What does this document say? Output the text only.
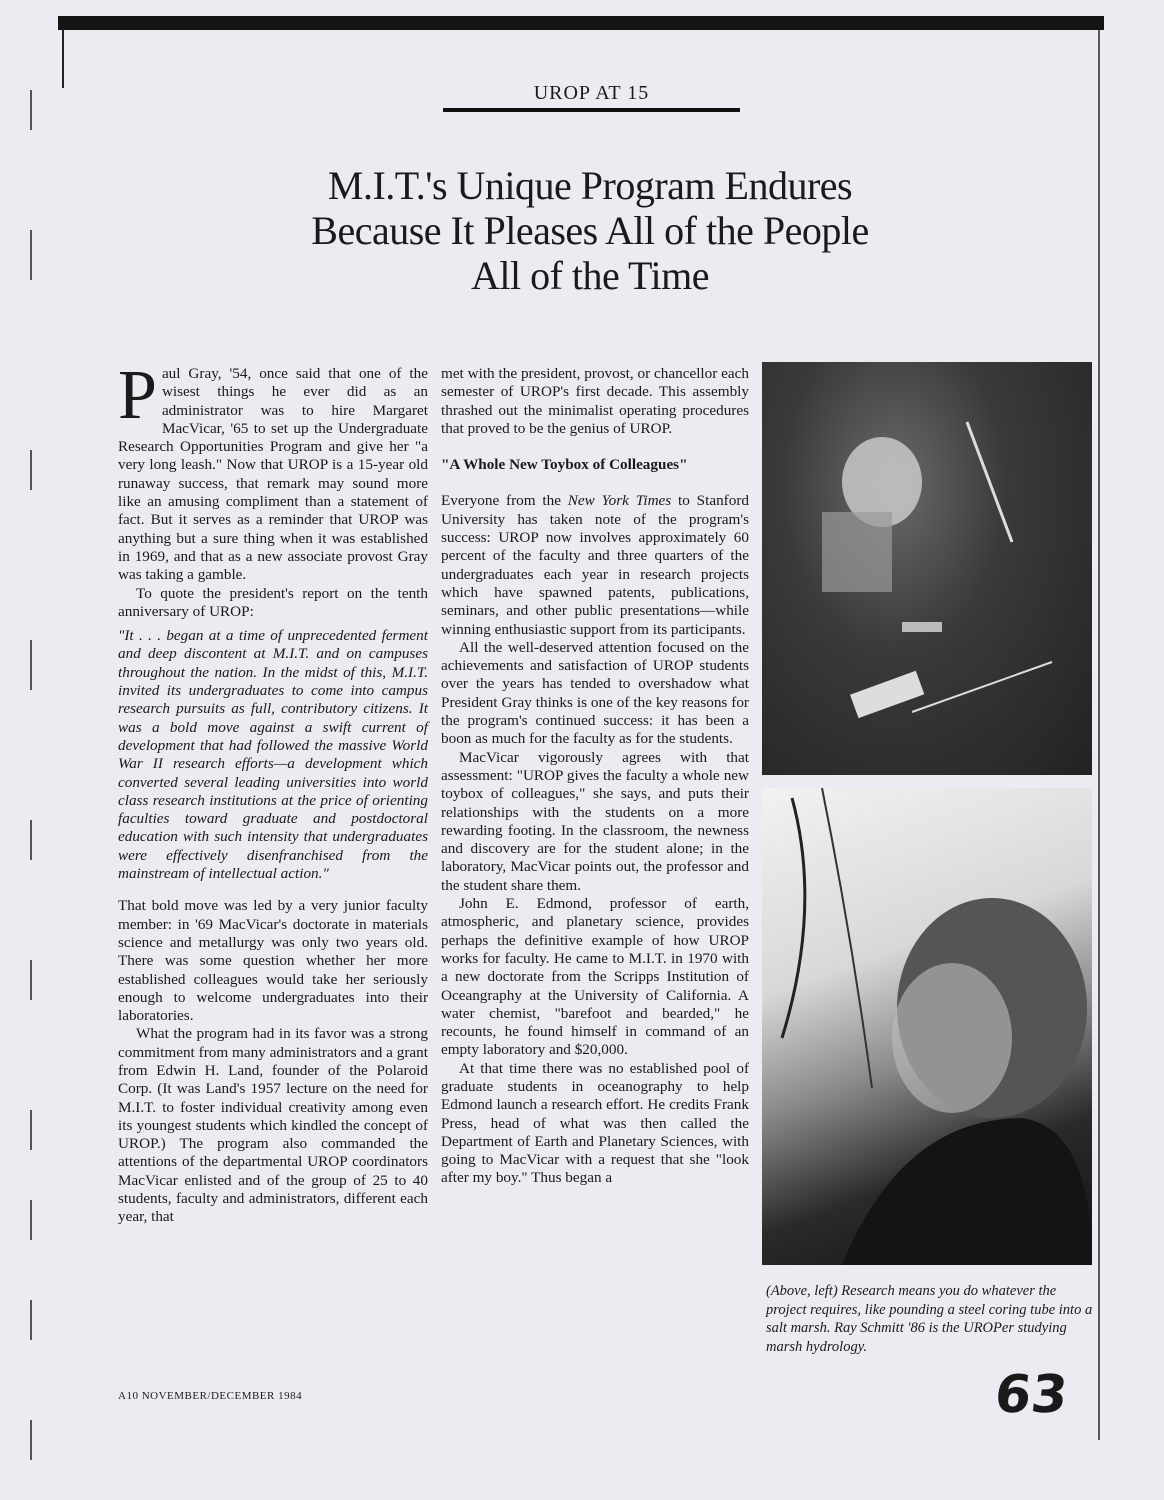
UROP AT 15
M.I.T.'s Unique Program Endures
Because It Pleases All of the People
All of the Time

Paul Gray, '54, once said that one of the wisest things he ever did as an administrator was to hire Margaret MacVicar, '65 to set up the Undergraduate Research Opportunities Program and give her "a very long leash." Now that UROP is a 15-year old runaway success, that remark may sound more like an amusing compliment than a statement of fact. But it serves as a reminder that UROP was anything but a sure thing when it was established in 1969, and that as a new associate provost Gray was taking a gamble.

To quote the president's report on the tenth anniversary of UROP:

"It . . . began at a time of unprecedented ferment and deep discontent at M.I.T. and on campuses throughout the nation. In the midst of this, M.I.T. invited its undergraduates to come into campus research pursuits as full, contributory citizens. It was a bold move against a swift current of development that had followed the massive World War II research efforts—a development which converted several leading universities into world class research institutions at the price of orienting faculties toward graduate and postdoctoral education with such intensity that undergraduates were effectively disenfranchised from the mainstream of intellectual action."

That bold move was led by a very junior faculty member: in '69 MacVicar's doctorate in materials science and metallurgy was only two years old. There was some question whether her more established colleagues would take her seriously enough to welcome undergraduates into their laboratories.

What the program had in its favor was a strong commitment from many administrators and a grant from Edwin H. Land, founder of the Polaroid Corp. (It was Land's 1957 lecture on the need for M.I.T. to foster individual creativity among even its youngest students which kindled the concept of UROP.) The program also commanded the attentions of the departmental UROP coordinators MacVicar enlisted and of the group of 25 to 40 students, faculty and administrators, different each year, that

met with the president, provost, or chancellor each semester of UROP's first decade. This assembly thrashed out the minimalist operating procedures that proved to be the genius of UROP.

"A Whole New Toybox of Colleagues"

Everyone from the New York Times to Stanford University has taken note of the program's success: UROP now involves approximately 60 percent of the faculty and three quarters of the undergraduates each year in research projects which have spawned patents, publications, seminars, and other public presentations—while winning enthusiastic support from its participants.

All the well-deserved attention focused on the achievements and satisfaction of UROP students over the years has tended to overshadow what President Gray thinks is one of the key reasons for the program's continued success: it has been a boon as much for the faculty as for the students.

MacVicar vigorously agrees with that assessment: "UROP gives the faculty a whole new toybox of colleagues," she says, and puts their relationships with the students on a more rewarding footing. In the classroom, the newness and discovery are for the student alone; in the laboratory, MacVicar points out, the professor and the student share them.

John E. Edmond, professor of earth, atmospheric, and planetary science, provides perhaps the definitive example of how UROP works for faculty. He came to M.I.T. in 1970 with a new doctorate from the Scripps Institution of Oceangraphy at the University of California. A water chemist, "barefoot and bearded," he recounts, he found himself in command of an empty laboratory and $20,000.

At that time there was no established pool of graduate students in oceanography to help Edmond launch a research effort. He credits Frank Press, head of what was then called the Department of Earth and Planetary Sciences, with going to MacVicar with a request that she "look after my boy." Thus began a

(Above, left) Research means you do whatever the project requires, like pounding a steel coring tube into a salt marsh. Ray Schmitt '86 is the UROPer studying marsh hydrology.
A10 NOVEMBER/DECEMBER 1984	63
